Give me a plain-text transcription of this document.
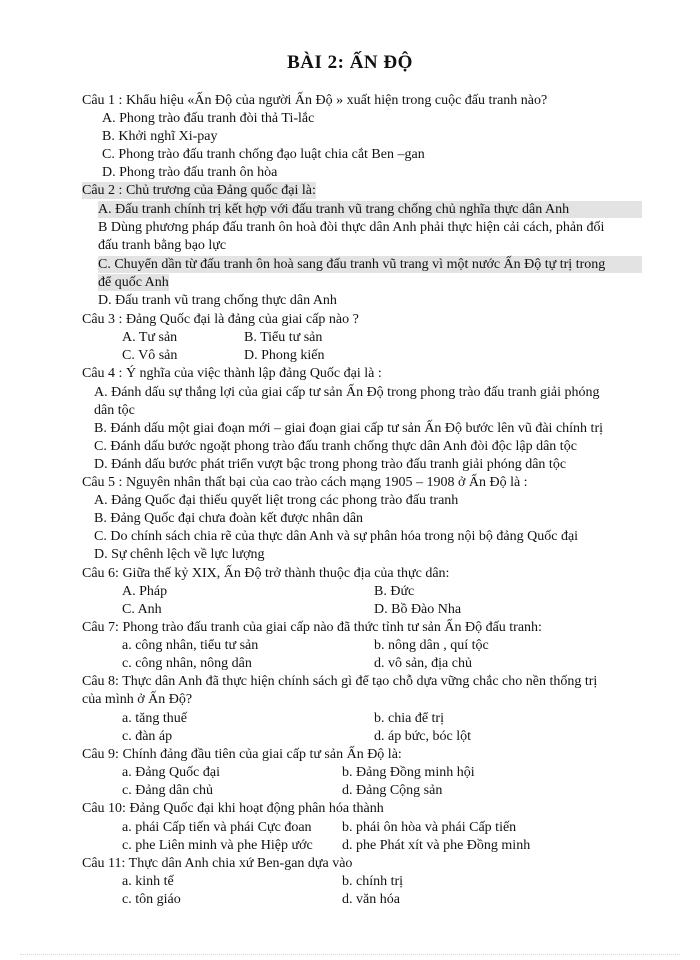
BÀI 2: ẤN ĐỘ
Câu 1 : Khẩu hiệu «Ấn Độ của người Ấn Độ » xuất hiện trong cuộc đấu tranh nào?
A. Phong trào đấu tranh đòi thả Ti-lắc
B. Khởi nghĩ Xi-pay
C. Phong trào đấu tranh chống đạo luật chia cắt Ben –gan
D. Phong trào đấu tranh ôn hòa
Câu 2 : Chủ trương của Đảng quốc đại là:
A. Đấu tranh chính trị kết hợp với đấu tranh vũ trang chống chủ nghĩa thực dân Anh
B Dùng phương pháp đấu tranh ôn hoà đòi thực dân Anh phải thực hiện cải cách, phản đối
đấu tranh bằng bạo lực
C. Chuyển dần từ đấu tranh ôn hoà sang đấu tranh vũ trang vì một nước Ấn Độ tự trị trong
để quốc Anh
D. Đấu tranh vũ trang chống thực dân Anh
Câu 3 : Đảng Quốc đại là đảng của giai cấp nào ?
A. Tư sản	B. Tiểu tư sản
C. Vô sản	D. Phong kiến
Câu 4 : Ý nghĩa của việc thành lập đảng Quốc đại là :
A. Đánh dấu sự thắng lợi của giai cấp tư sản Ấn Độ trong phong trào đấu tranh giải phóng
dân tộc
B. Đánh dấu một giai đoạn mới – giai đoạn giai cấp tư sản Ấn Độ bước lên vũ đài chính trị
C. Đánh dấu bước ngoặt phong trào đấu tranh chống thực dân Anh đòi độc lập dân tộc
D. Đánh dấu bước phát triển vượt bậc trong phong trào đấu tranh giải phóng dân tộc
Câu 5 : Nguyên nhân thất bại của cao trào cách mạng 1905 – 1908 ở Ấn Độ là :
A. Đảng Quốc đại thiếu quyết liệt trong các phong trào đấu tranh
B. Đảng Quốc đại chưa đoàn kết được nhân dân
C. Do chính sách chia rẽ của thực dân Anh và sự phân hóa trong nội bộ đảng Quốc đại
D. Sự chênh lệch về lực lượng
Câu 6: Giữa thế kỷ XIX, Ấn Độ trở thành thuộc địa của thực dân:
A. Pháp	B. Đức
C. Anh	D. Bồ Đào Nha
Câu 7: Phong trào đấu tranh của giai cấp nào đã thức tỉnh tư sản Ấn Độ đấu tranh:
a. công nhân, tiểu tư sản	b. nông dân , quí tộc
c. công nhân, nông dân	d. vô sản, địa chủ
Câu 8: Thực dân Anh đã thực hiện chính sách gì để tạo chỗ dựa vững chắc cho nền thống trị
của mình ở Ấn Độ?
a. tăng thuế	b. chia để trị
c. đàn áp	d. áp bức, bóc lột
Câu 9: Chính đảng đầu tiên của giai cấp tư sản Ấn Độ là:
a. Đảng Quốc đại	b. Đảng Đồng minh hội
c. Đảng dân chủ	d. Đảng Cộng sản
Câu 10: Đảng Quốc đại khi hoạt động phân hóa thành
a. phái Cấp tiến và phái Cực đoan b. phái ôn hòa và phái Cấp tiến
c. phe Liên minh và phe Hiệp ước d. phe Phát xít và phe Đồng minh
Câu 11: Thực dân Anh chia xứ Ben-gan dựa vào
a. kinh tế	b. chính trị
c. tôn giáo	d. văn hóa
